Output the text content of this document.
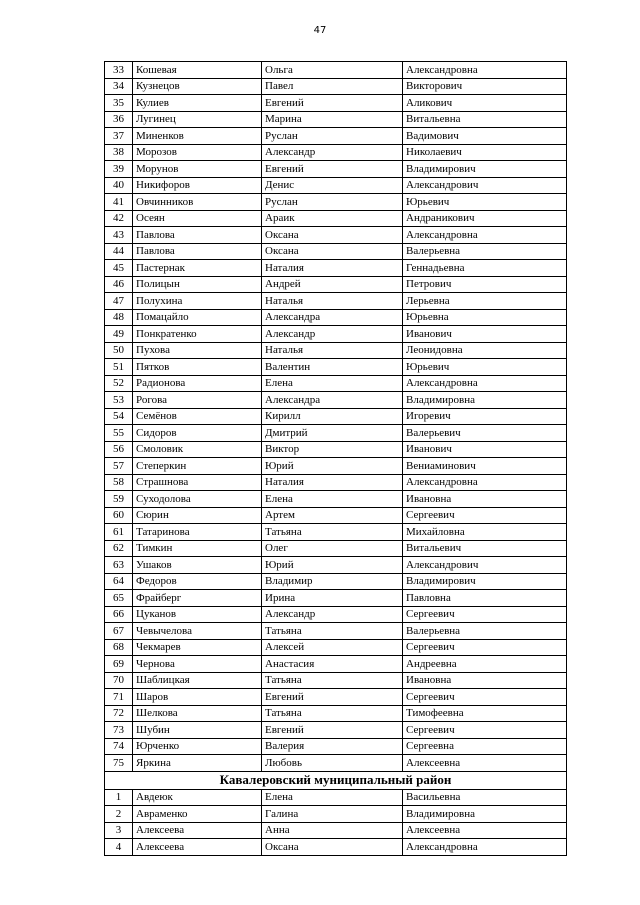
47
33	Кошевая	Ольга	Александровна
34	Кузнецов	Павел	Викторович
35	Кулиев	Евгений	Аликович
36	Лугинец	Марина	Витальевна
37	Миненков	Руслан	Вадимович
38	Морозов	Александр	Николаевич
39	Морунов	Евгений	Владимирович
40	Никифоров	Денис	Александрович
41	Овчинников	Руслан	Юрьевич
42	Осеян	Араик	Андраникович
43	Павлова	Оксана	Александровна
44	Павлова	Оксана	Валерьевна
45	Пастернак	Наталия	Геннадьевна
46	Полицын	Андрей	Петрович
47	Полухина	Наталья	Лерьевна
48	Помацайло	Александра	Юрьевна
49	Понкратенко	Александр	Иванович
50	Пухова	Наталья	Леонидовна
51	Пятков	Валентин	Юрьевич
52	Радионова	Елена	Александровна
53	Рогова	Александра	Владимировна
54	Семёнов	Кирилл	Игоревич
55	Сидоров	Дмитрий	Валерьевич
56	Смоловик	Виктор	Иванович
57	Степеркин	Юрий	Вениаминович
58	Страшнова	Наталия	Александровна
59	Суходолова	Елена	Ивановна
60	Сюрин	Артем	Сергеевич
61	Татаринова	Татьяна	Михайловна
62	Тимкин	Олег	Витальевич
63	Ушаков	Юрий	Александрович
64	Федоров	Владимир	Владимирович
65	Фрайберг	Ирина	Павловна
66	Цуканов	Александр	Сергеевич
67	Чевычелова	Татьяна	Валерьевна
68	Чекмарев	Алексей	Сергеевич
69	Чернова	Анастасия	Андреевна
70	Шаблицкая	Татьяна	Ивановна
71	Шаров	Евгений	Сергеевич
72	Шелкова	Татьяна	Тимофеевна
73	Шубин	Евгений	Сергеевич
74	Юрченко	Валерия	Сергеевна
75	Яркина	Любовь	Алексеевна
Кавалеровский муниципальный район			
1	Авдеюк	Елена	Васильевна
2	Авраменко	Галина	Владимировна
3	Алексеева	Анна	Алексеевна
4	Алексеева	Оксана	Александровна
